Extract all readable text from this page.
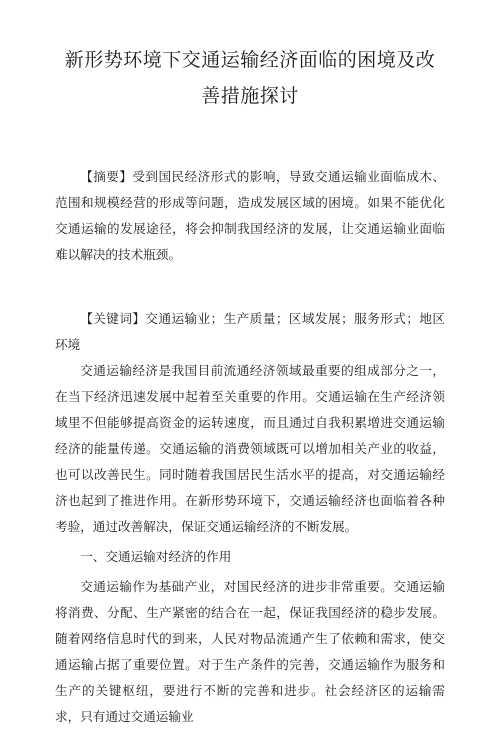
新形势环境下交通运输经济面临的困境及改善措施探讨

【摘要】受到国民经济形式的影响，导致交通运输业面临成木、范围和规模经营的形成等问题，造成发展区域的困境。如果不能优化交通运输的发展途径，将会抑制我国经济的发展，让交通运输业面临难以解决的技术瓶颈。

【关键词】交通运输业；生产质量；区域发展；服务形式；地区环境

交通运输经济是我国目前流通经济领域最重要的组成部分之一，在当下经济迅速发展中起着至关重要的作用。交通运输在生产经济领域里不但能够提高资金的运转速度，而且通过自我积累增进交通运输经济的能量传递。交通运输的消费领域既可以增加相关产业的收益，也可以改善民生。同时随着我国居民生活水平的提高，对交通运输经济也起到了推进作用。在新形势环境下，交通运输经济也面临着各种考验，通过改善解决，保证交通运输经济的不断发展。

一、交通运输对经济的作用

交通运输作为基础产业，对国民经济的进步非常重要。交通运输将消费、分配、生产紧密的结合在一起，保证我国经济的稳步发展。随着网络信息时代的到来，人民对物品流通产生了依赖和需求，使交通运输占据了重要位置。对于生产条件的完善，交通运输作为服务和生产的关键枢纽，要进行不断的完善和进步。社会经济区的运输需求，只有通过交通运输业
